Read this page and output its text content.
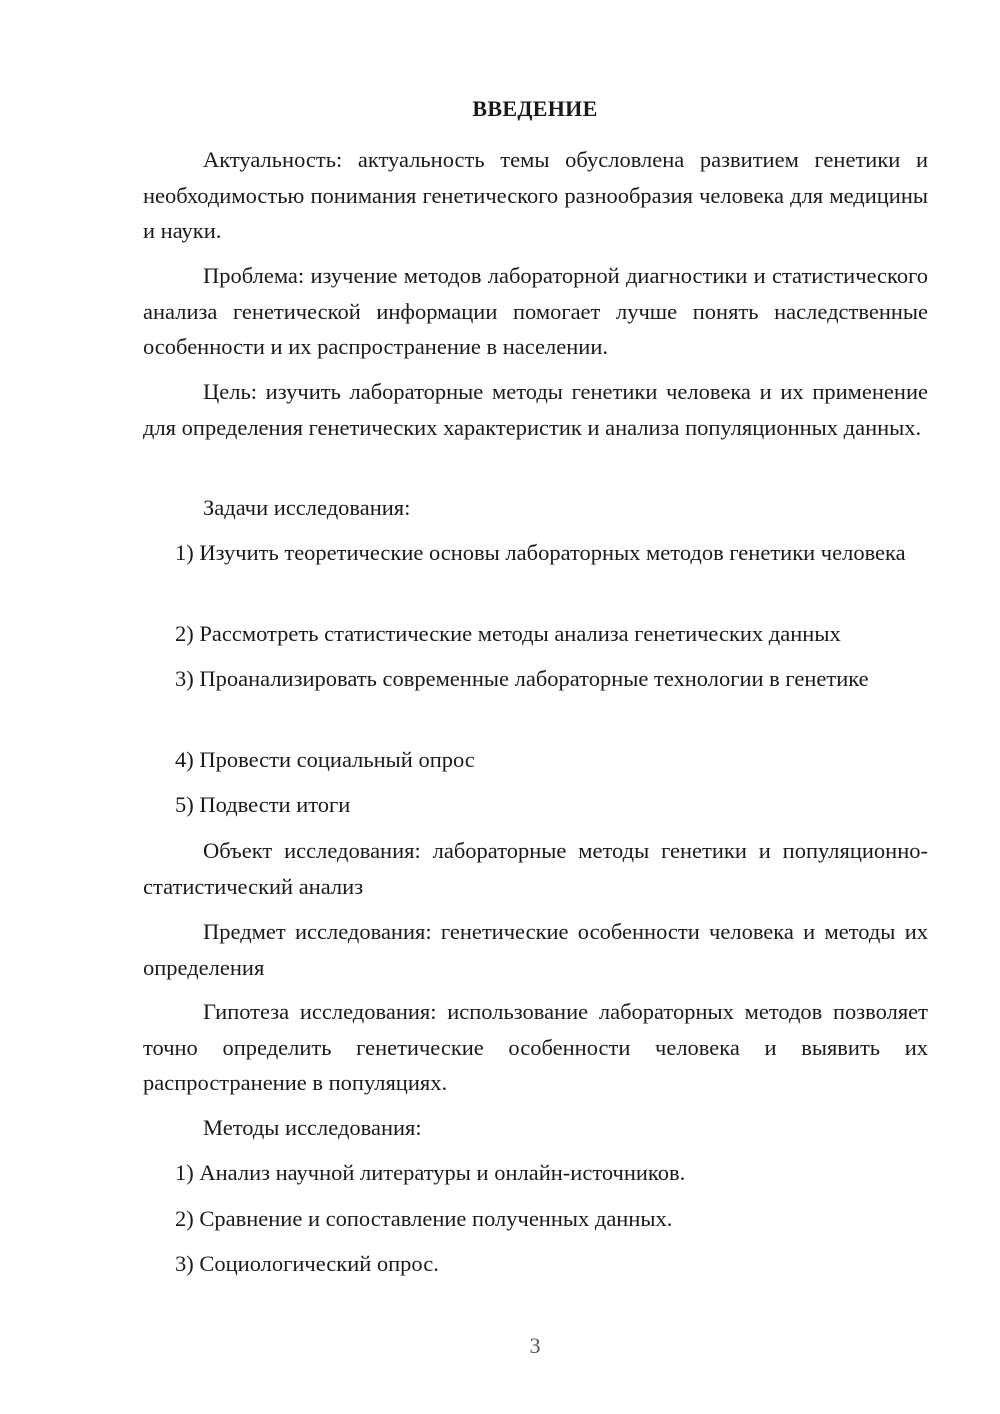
ВВЕДЕНИЕ

Актуальность: актуальность темы обусловлена развитием генетики и необходимостью понимания генетического разнообразия человека для медицины и науки.

Проблема: изучение методов лабораторной диагностики и статистического анализа генетической информации помогает лучше понять наследственные особенности и их распространение в населении.

Цель: изучить лабораторные методы генетики человека и их применение для определения генетических характеристик и анализа популяционных данных.

Задачи исследования:

1) Изучить теоретические основы лабораторных методов генетики человека

2) Рассмотреть статистические методы анализа генетических данных

3) Проанализировать современные лабораторные технологии в генетике

4) Провести социальный опрос

5) Подвести итоги

Объект исследования: лабораторные методы генетики и популяционно-статистический анализ

Предмет исследования: генетические особенности человека и методы их определения

Гипотеза исследования: использование лабораторных методов позволяет точно определить генетические особенности человека и выявить их распространение в популяциях.

Методы исследования:

1) Анализ научной литературы и онлайн-источников.

2) Сравнение и сопоставление полученных данных.

3) Социологический опрос.

3
